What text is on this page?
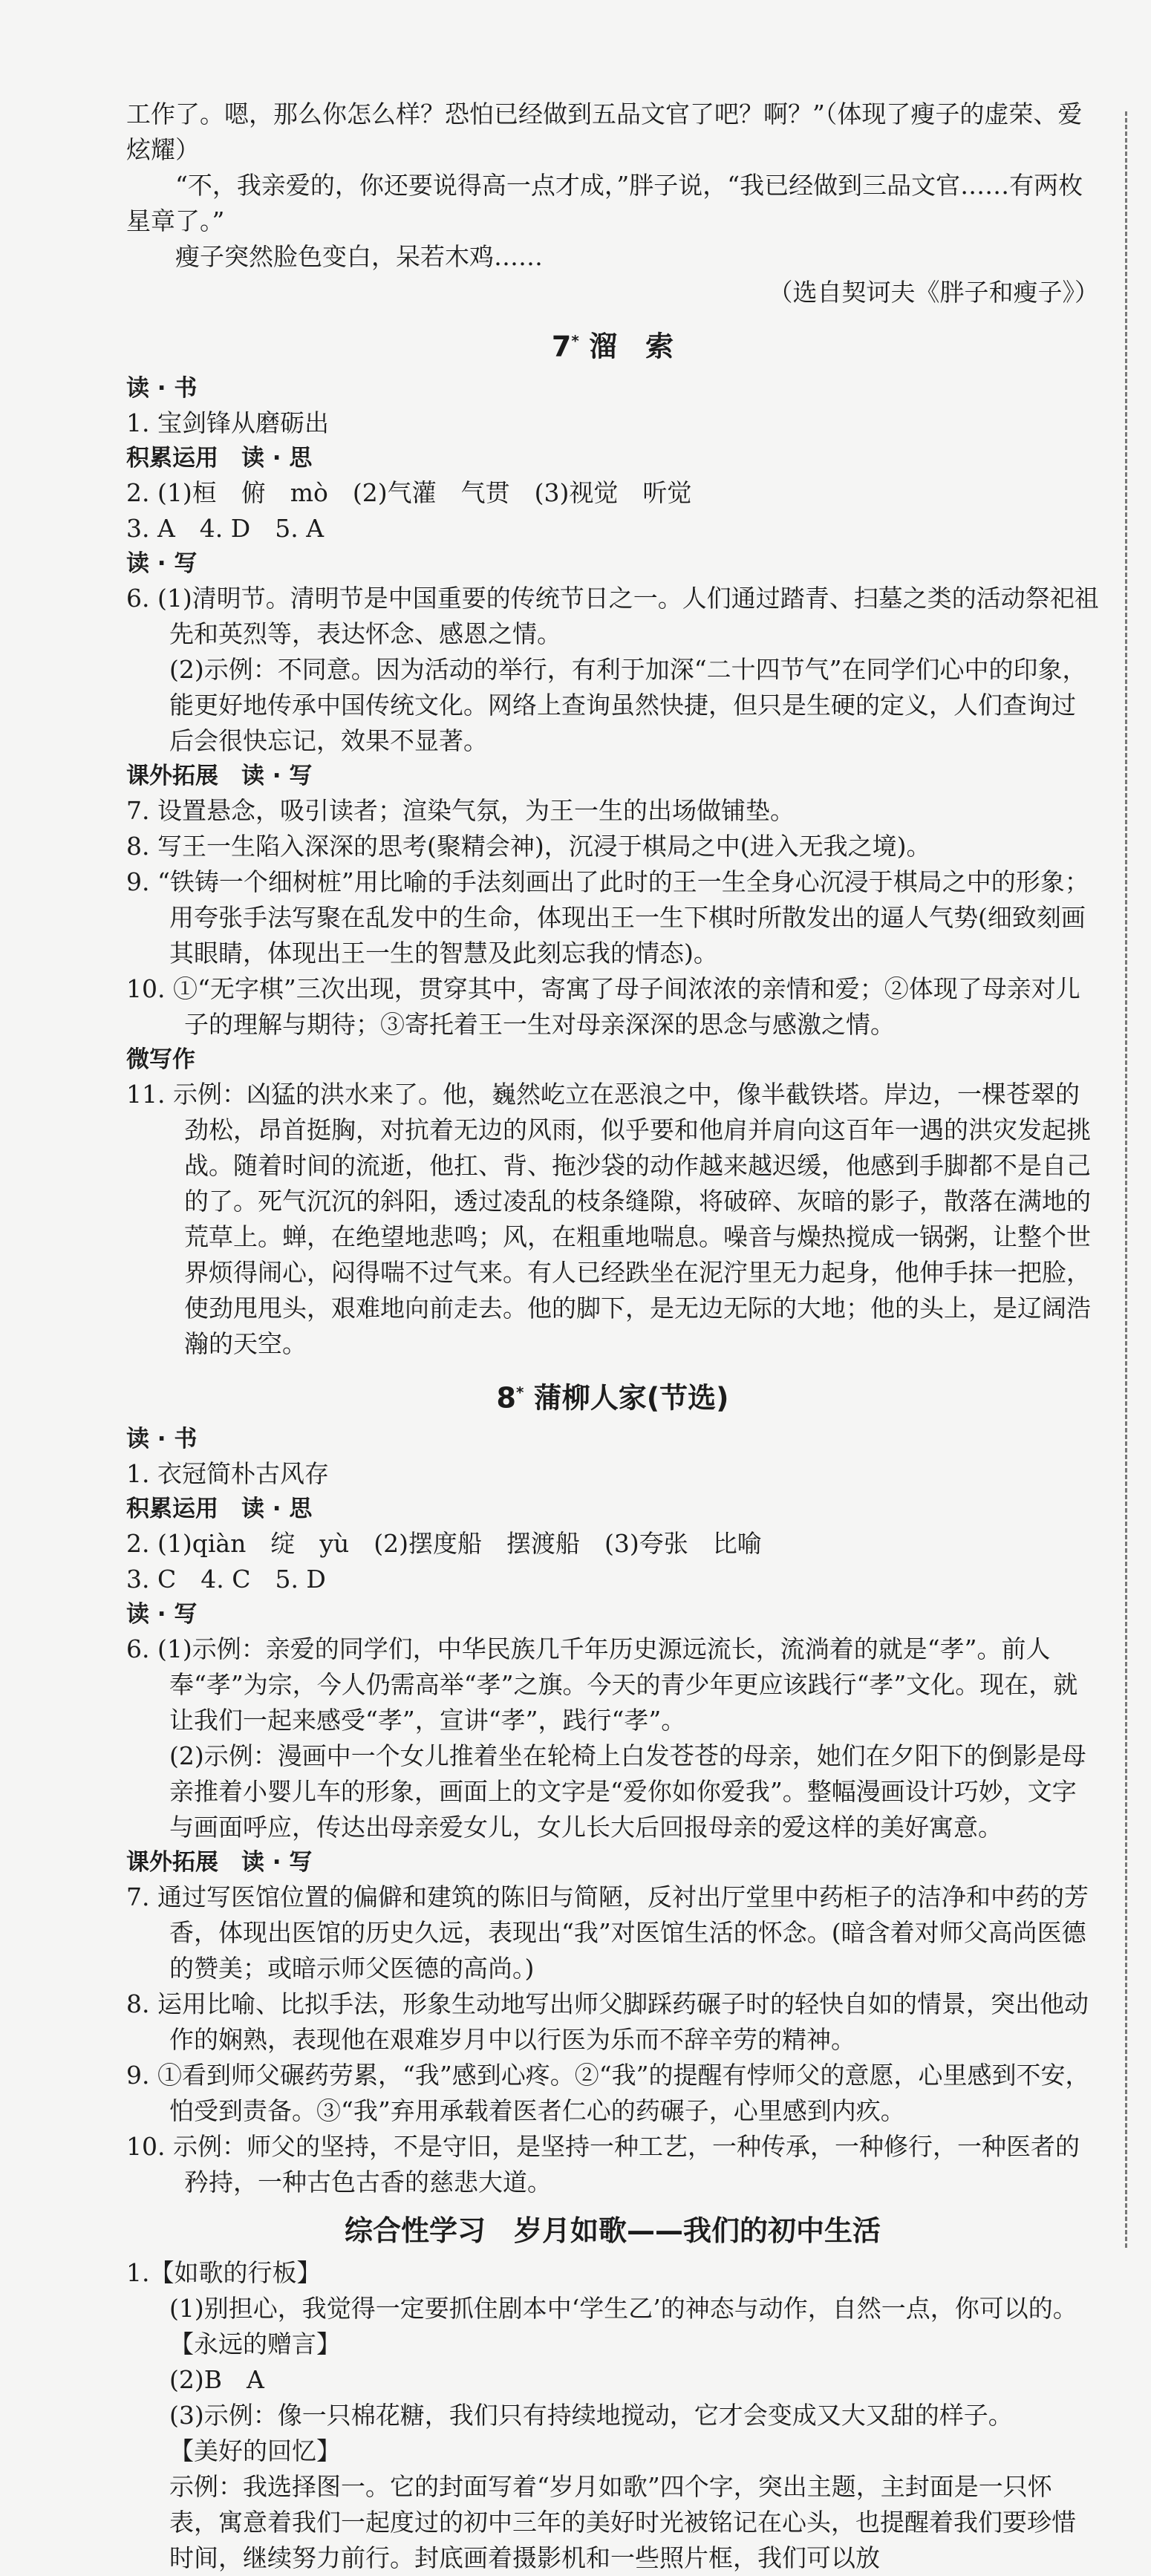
工作了。嗯，那么你怎么样？恐怕已经做到五品文官了吧？啊？”（体现了瘦子的虚荣、爱炫耀）

“不，我亲爱的，你还要说得高一点才成，”胖子说，“我已经做到三品文官……有两枚星章了。”

瘦子突然脸色变白，呆若木鸡……

（选自契诃夫《胖子和瘦子》）

7* 溜　索

读 · 书

1. 宝剑锋从磨砺出

积累运用　读 · 思

2. (1)桓　俯　mò　(2)气灌　气贯　(3)视觉　听觉

3. A　4. D　5. A

读 · 写

6. (1)清明节。清明节是中国重要的传统节日之一。人们通过踏青、扫墓之类的活动祭祀祖先和英烈等，表达怀念、感恩之情。

(2)示例：不同意。因为活动的举行，有利于加深“二十四节气”在同学们心中的印象，能更好地传承中国传统文化。网络上查询虽然快捷，但只是生硬的定义，人们查询过后会很快忘记，效果不显著。

课外拓展　读 · 写

7. 设置悬念，吸引读者；渲染气氛，为王一生的出场做铺垫。

8. 写王一生陷入深深的思考(聚精会神)，沉浸于棋局之中(进入无我之境)。

9. “铁铸一个细树桩”用比喻的手法刻画出了此时的王一生全身心沉浸于棋局之中的形象；用夸张手法写聚在乱发中的生命，体现出王一生下棋时所散发出的逼人气势(细致刻画其眼睛，体现出王一生的智慧及此刻忘我的情态)。

10. ①“无字棋”三次出现，贯穿其中，寄寓了母子间浓浓的亲情和爱；②体现了母亲对儿子的理解与期待；③寄托着王一生对母亲深深的思念与感激之情。

微写作

11. 示例：凶猛的洪水来了。他，巍然屹立在恶浪之中，像半截铁塔。岸边，一棵苍翠的劲松，昂首挺胸，对抗着无边的风雨，似乎要和他肩并肩向这百年一遇的洪灾发起挑战。随着时间的流逝，他扛、背、拖沙袋的动作越来越迟缓，他感到手脚都不是自己的了。死气沉沉的斜阳，透过凌乱的枝条缝隙，将破碎、灰暗的影子，散落在满地的荒草上。蝉，在绝望地悲鸣；风，在粗重地喘息。噪音与燥热搅成一锅粥，让整个世界烦得闹心，闷得喘不过气来。有人已经跌坐在泥泞里无力起身，他伸手抹一把脸，使劲甩甩头，艰难地向前走去。他的脚下，是无边无际的大地；他的头上，是辽阔浩瀚的天空。

8* 蒲柳人家(节选)

读 · 书

1. 衣冠简朴古风存

积累运用　读 · 思

2. (1)qiàn　绽　yù　(2)摆度船　摆渡船　(3)夸张　比喻

3. C　4. C　5. D

读 · 写

6. (1)示例：亲爱的同学们，中华民族几千年历史源远流长，流淌着的就是“孝”。前人奉“孝”为宗，今人仍需高举“孝”之旗。今天的青少年更应该践行“孝”文化。现在，就让我们一起来感受“孝”，宣讲“孝”，践行“孝”。

(2)示例：漫画中一个女儿推着坐在轮椅上白发苍苍的母亲，她们在夕阳下的倒影是母亲推着小婴儿车的形象，画面上的文字是“爱你如你爱我”。整幅漫画设计巧妙，文字与画面呼应，传达出母亲爱女儿，女儿长大后回报母亲的爱这样的美好寓意。

课外拓展　读 · 写

7. 通过写医馆位置的偏僻和建筑的陈旧与简陋，反衬出厅堂里中药柜子的洁净和中药的芳香，体现出医馆的历史久远，表现出“我”对医馆生活的怀念。(暗含着对师父高尚医德的赞美；或暗示师父医德的高尚。)

8. 运用比喻、比拟手法，形象生动地写出师父脚踩药碾子时的轻快自如的情景，突出他动作的娴熟，表现他在艰难岁月中以行医为乐而不辞辛劳的精神。

9. ①看到师父碾药劳累，“我”感到心疼。②“我”的提醒有悖师父的意愿，心里感到不安，怕受到责备。③“我”弃用承载着医者仁心的药碾子，心里感到内疚。

10. 示例：师父的坚持，不是守旧，是坚持一种工艺，一种传承，一种修行，一种医者的矜持，一种古色古香的慈悲大道。

综合性学习　岁月如歌——我们的初中生活

1.【如歌的行板】

(1)别担心，我觉得一定要抓住剧本中‘学生乙’的神态与动作，自然一点，你可以的。

【永远的赠言】

(2)B　A

(3)示例：像一只棉花糖，我们只有持续地搅动，它才会变成又大又甜的样子。

【美好的回忆】

示例：我选择图一。它的封面写着“岁月如歌”四个字，突出主题，主封面是一只怀表，寓意着我们一起度过的初中三年的美好时光被铭记在心头，也提醒着我们要珍惜时间，继续努力前行。封底画着摄影机和一些照片框，我们可以放
